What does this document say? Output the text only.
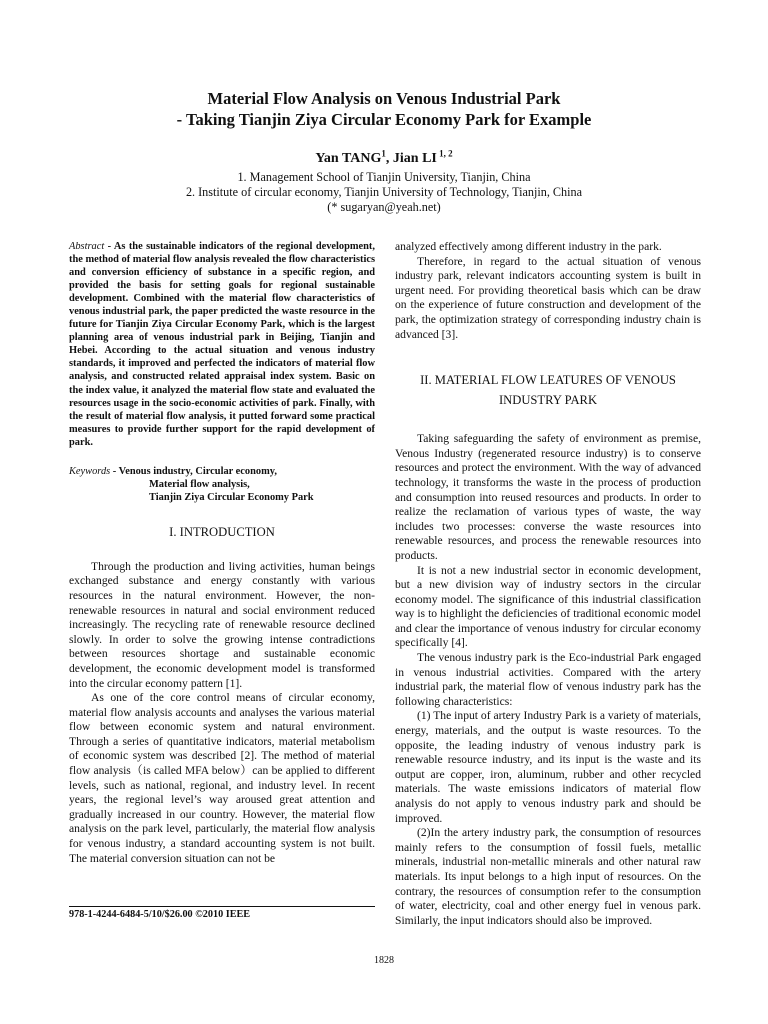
Material Flow Analysis on Venous Industrial Park
- Taking Tianjin Ziya Circular Economy Park for Example
Yan TANG$^1$, Jian LI $^{1, 2}$
1. Management School of Tianjin University, Tianjin, China
2. Institute of circular economy, Tianjin University of Technology, Tianjin, China
(* sugaryan@yeah.net)

Abstract - As the sustainable indicators of the regional development, the method of material flow analysis revealed the flow characteristics and conversion efficiency of substance in a specific region, and provided the basis for setting goals for regional sustainable development. Combined with the material flow characteristics of venous industrial park, the paper predicted the waste resource in the future for Tianjin Ziya Circular Economy Park, which is the largest planning area of venous industrial park in Beijing, Tianjin and Hebei. According to the actual situation and venous industry standards, it improved and perfected the indicators of material flow analysis, and constructed related appraisal index system. Basic on the index value, it analyzed the material flow state and evaluated the resources usage in the socio-economic activities of park. Finally, with the result of material flow analysis, it putted forward some practical measures to provide further support for the rapid development of park.

Keywords - Venous industry, Circular economy,
Material flow analysis,
Tianjin Ziya Circular Economy Park
I. INTRODUCTION

Through the production and living activities, human beings exchanged substance and energy constantly with various resources in the natural environment. However, the non-renewable resources in natural and social environment reduced increasingly. The recycling rate of renewable resource declined slowly. In order to solve the growing intense contradictions between resources shortage and sustainable economic development, the economic development model is transformed into the circular economy pattern [1].

As one of the core control means of circular economy, material flow analysis accounts and analyses the various material flow between economic system and natural environment. Through a series of quantitative indicators, material metabolism of economic system was described [2]. The method of material flow analysis（is called MFA below）can be applied to different levels, such as national, regional, and industry level. In recent years, the regional level’s way aroused great attention and gradually increased in our country. However, the material flow analysis on the park level, particularly, the material flow analysis for venous industry, a standard accounting system is not built. The material conversion situation can not be

978-1-4244-6484-5/10/$26.00 ©2010 IEEE

analyzed effectively among different industry in the park.

Therefore, in regard to the actual situation of venous industry park, relevant indicators accounting system is built in urgent need. For providing theoretical basis which can be draw on the experience of future construction and development of the park, the optimization strategy of corresponding industry chain is advanced [3].

II. MATERIAL FLOW LEATURES OF VENOUS
INDUSTRY PARK

Taking safeguarding the safety of environment as premise, Venous Industry (regenerated resource industry) is to conserve resources and protect the environment. With the way of advanced technology, it transforms the waste in the process of production and consumption into reused resources and products. In order to realize the reclamation of various types of waste, the way includes two processes: converse the waste resources into renewable resources, and process the renewable resources into products.

It is not a new industrial sector in economic development, but a new division way of industry sectors in the circular economy model. The significance of this industrial classification way is to highlight the deficiencies of traditional economic model and clear the importance of venous industry for circular economy specifically [4].

The venous industry park is the Eco-industrial Park engaged in venous industrial activities. Compared with the artery industrial park, the material flow of venous industry park has the following characteristics:

(1) The input of artery Industry Park is a variety of materials, energy, materials, and the output is waste resources. To the opposite, the leading industry of venous industry park is renewable resource industry, and its input is the waste and its output are copper, iron, aluminum, rubber and other recycled materials. The waste emissions indicators of material flow analysis do not apply to venous industry park and should be improved.

(2)In the artery industry park, the consumption of resources mainly refers to the consumption of fossil fuels, metallic minerals, industrial non-metallic minerals and other natural raw materials. Its input belongs to a high input of resources. On the contrary, the resources of consumption refer to the consumption of water, electricity, coal and other energy fuel in venous park. Similarly, the input indicators should also be improved.

1828
